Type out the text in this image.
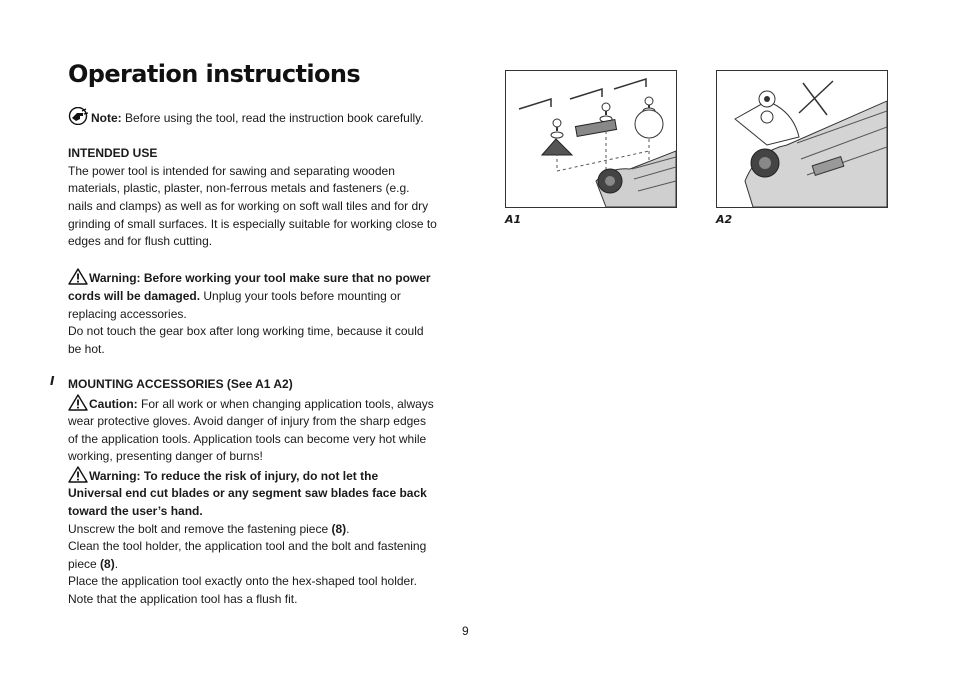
Operation instructions

Note: Before using the tool, read the instruction book carefully.

INTENDED USE

The power tool is intended for sawing and separating wooden

materials, plastic, plaster, non-ferrous metals and fasteners (e.g.

nails and clamps) as well as for working on soft wall tiles and for dry

grinding of small surfaces. It is especially suitable for working close to

edges and for flush cutting.

Warning: Before working your tool make sure that no power

cords will be damaged. Unplug your tools before mounting or

replacing accessories.

Do not touch the gear box after long working time, because it could

be hot.

MOUNTING ACCESSORIES (See A1 A2)

Caution: For all work or when changing application tools, always

wear protective gloves. Avoid danger of injury from the sharp edges

of the application tools. Application tools can become very hot while

working, presenting danger of burns!

Warning: To reduce the risk of injury, do not let the

Universal end cut blades or any segment saw blades face back

toward the user’s hand.

Unscrew the bolt and remove the fastening piece (8).

Clean the tool holder, the application tool and the bolt and fastening

piece (8).

Place the application tool exactly onto the hex-shaped tool holder.

Note that the application tool has a flush fit.

I
A1	A2
9
